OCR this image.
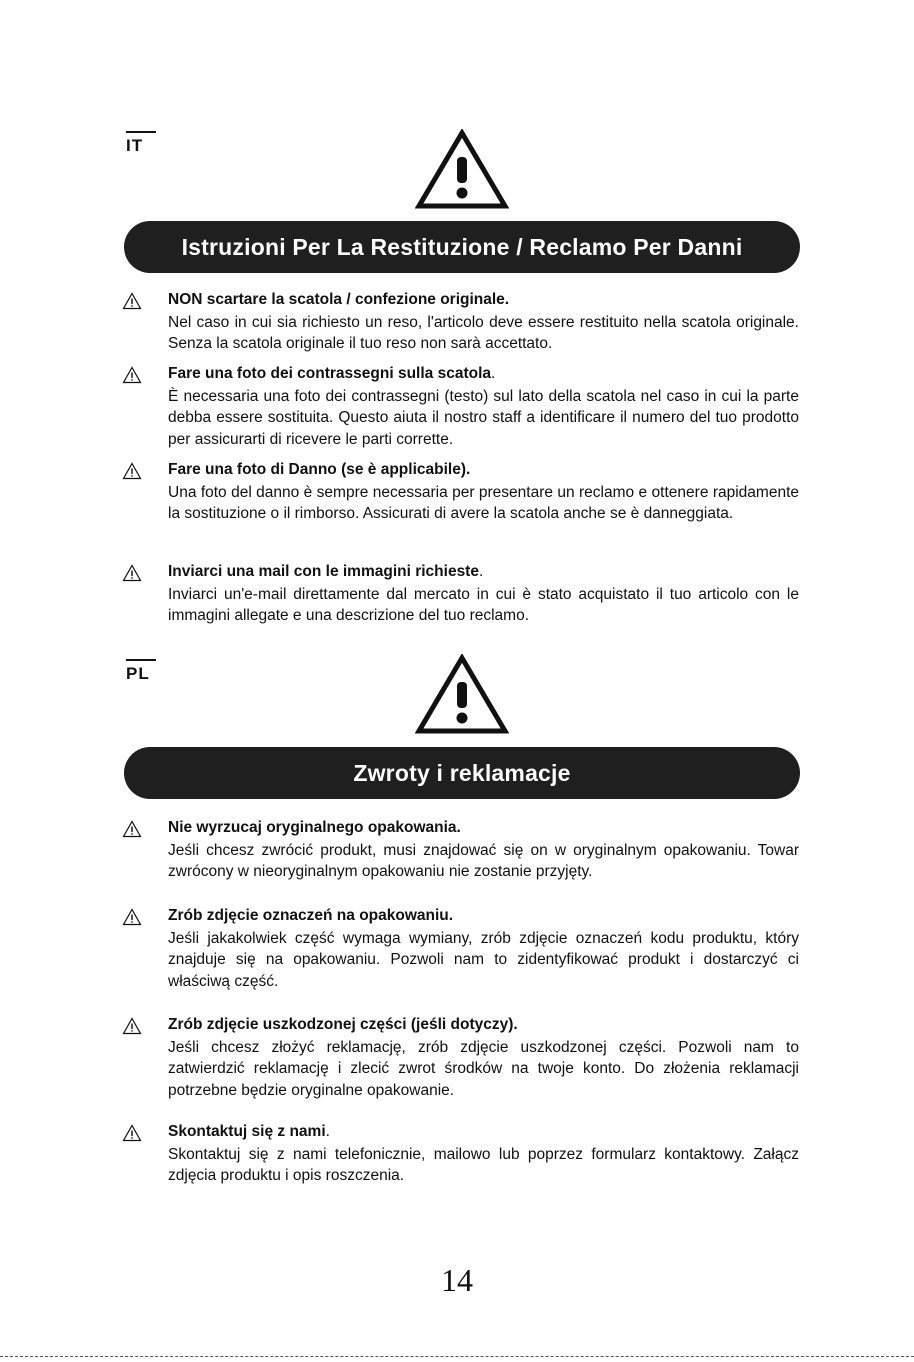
IT
Istruzioni Per La Restituzione / Reclamo Per Danni

NON scartare la scatola / confezione originale.

Nel caso in cui sia richiesto un reso, l'articolo deve essere restituito nella scatola originale. Senza la scatola originale il tuo reso non sarà accettato.

Fare una foto dei contrassegni sulla scatola.

È necessaria una foto dei contrassegni (testo) sul lato della scatola nel caso in cui la parte debba essere sostituita. Questo aiuta il nostro staff a identificare il numero del tuo prodotto per assicurarti di ricevere le parti corrette.

Fare una foto di Danno (se è applicabile).

Una foto del danno è sempre necessaria per presentare un reclamo e ottenere rapidamente la sostituzione o il rimborso. Assicurati di avere la scatola anche se è danneggiata.

Inviarci una mail con le immagini richieste.

Inviarci un'e-mail direttamente dal mercato in cui è stato acquistato il tuo articolo con le immagini allegate e una descrizione del tuo reclamo.

PL
Zwroty i reklamacje

Nie wyrzucaj oryginalnego opakowania.

Jeśli chcesz zwrócić produkt, musi znajdować się on w oryginalnym opakowaniu. Towar zwrócony w nieoryginalnym opakowaniu nie zostanie przyjęty.

Zrób zdjęcie oznaczeń na opakowaniu.

Jeśli jakakolwiek część wymaga wymiany, zrób zdjęcie oznaczeń kodu produktu, który znajduje się na opakowaniu. Pozwoli nam to zidentyfikować produkt i dostarczyć ci właściwą część.

Zrób zdjęcie uszkodzonej części (jeśli dotyczy).

Jeśli chcesz złożyć reklamację, zrób zdjęcie uszkodzonej części. Pozwoli nam to zatwierdzić reklamację i zlecić zwrot środków na twoje konto. Do złożenia reklamacji potrzebne będzie oryginalne opakowanie.

Skontaktuj się z nami.

Skontaktuj się z nami telefonicznie, mailowo lub poprzez formularz kontaktowy. Załącz zdjęcia produktu i opis roszczenia.

14
